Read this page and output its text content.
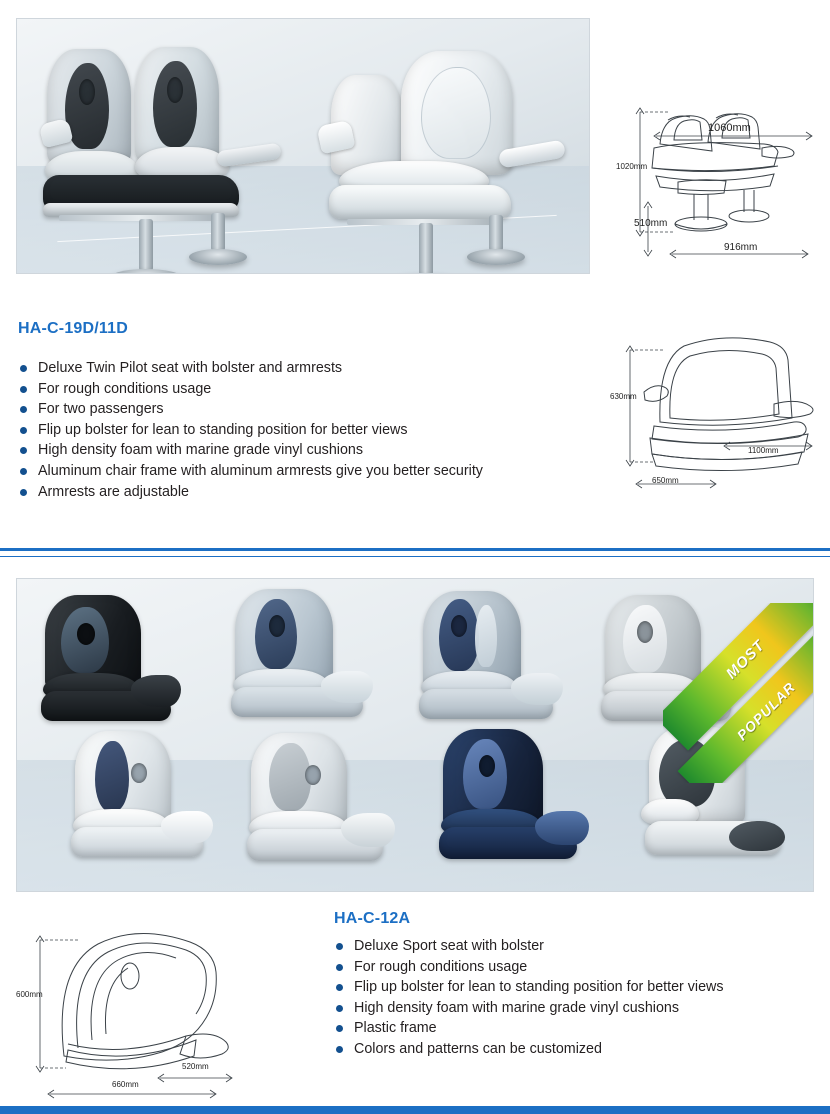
1020mm
1060mm
510mm
916mm
HA-C-19D/11D
Deluxe Twin Pilot seat with bolster and armrests
For rough conditions usage
For two passengers
Flip up bolster for lean to standing position for better views
High density foam with marine grade vinyl cushions
Aluminum chair frame with aluminum armrests give you better security
Armrests are adjustable
630mm
1100mm
650mm
MOST
POPULAR
HA-C-12A
Deluxe Sport seat with bolster
For rough conditions usage
Flip up bolster for lean to standing position for better views
High density foam with marine grade vinyl cushions
Plastic frame
Colors and patterns can be customized
600mm
520mm
660mm
